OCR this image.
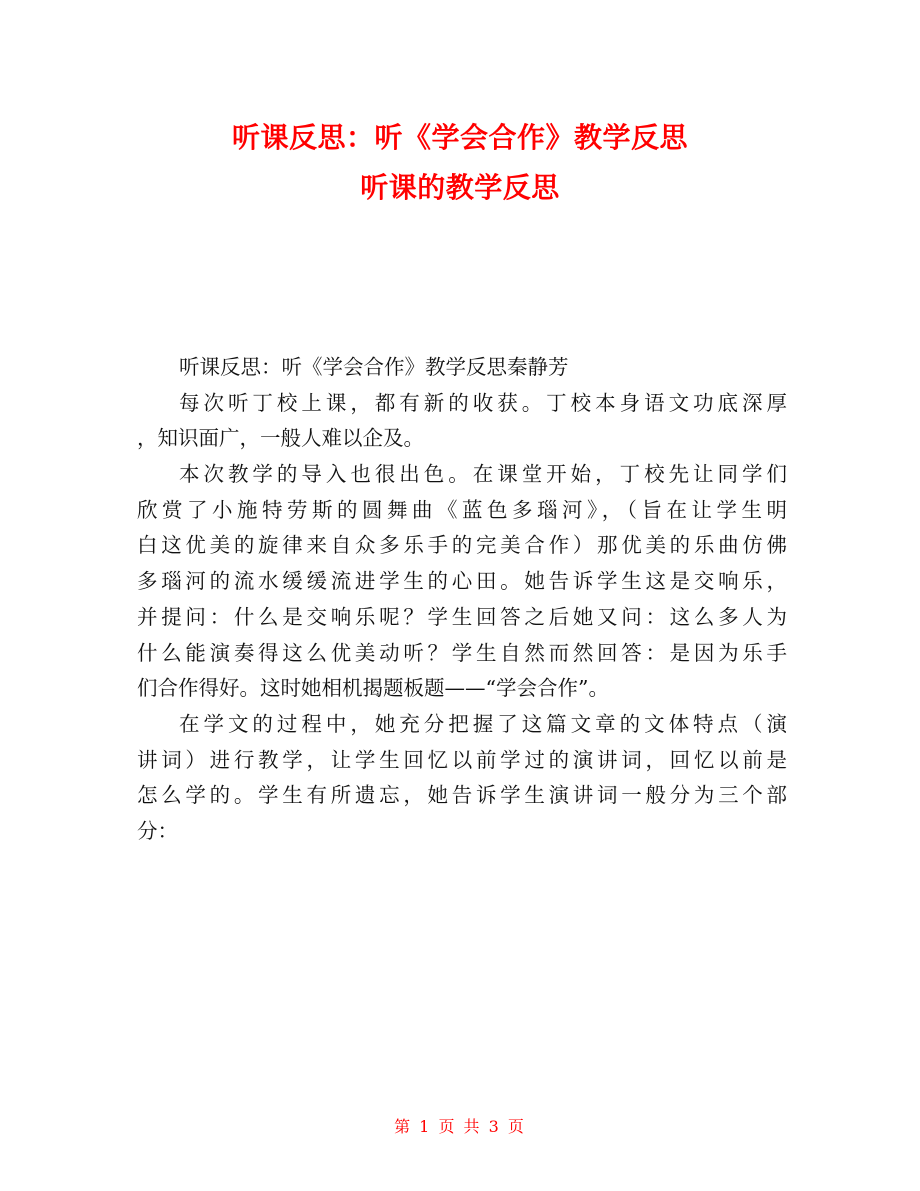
听课反思：听《学会合作》教学反思
听课的教学反思
听课反思：听《学会合作》教学反思秦静芳
每次听丁校上课，都有新的收获。丁校本身语文功底深厚
，知识面广，一般人难以企及。
本次教学的导入也很出色。在课堂开始，丁校先让同学们
欣赏了小施特劳斯的圆舞曲《蓝色多瑙河》，（旨在让学生明
白这优美的旋律来自众多乐手的完美合作）那优美的乐曲仿佛
多瑙河的流水缓缓流进学生的心田。她告诉学生这是交响乐，
并提问：什么是交响乐呢？学生回答之后她又问：这么多人为
什么能演奏得这么优美动听？学生自然而然回答：是因为乐手
们合作得好。这时她相机揭题板题——“学会合作”。
在学文的过程中，她充分把握了这篇文章的文体特点（演
讲词）进行教学，让学生回忆以前学过的演讲词，回忆以前是
怎么学的。学生有所遗忘，她告诉学生演讲词一般分为三个部
分：
第 1 页 共 3 页
